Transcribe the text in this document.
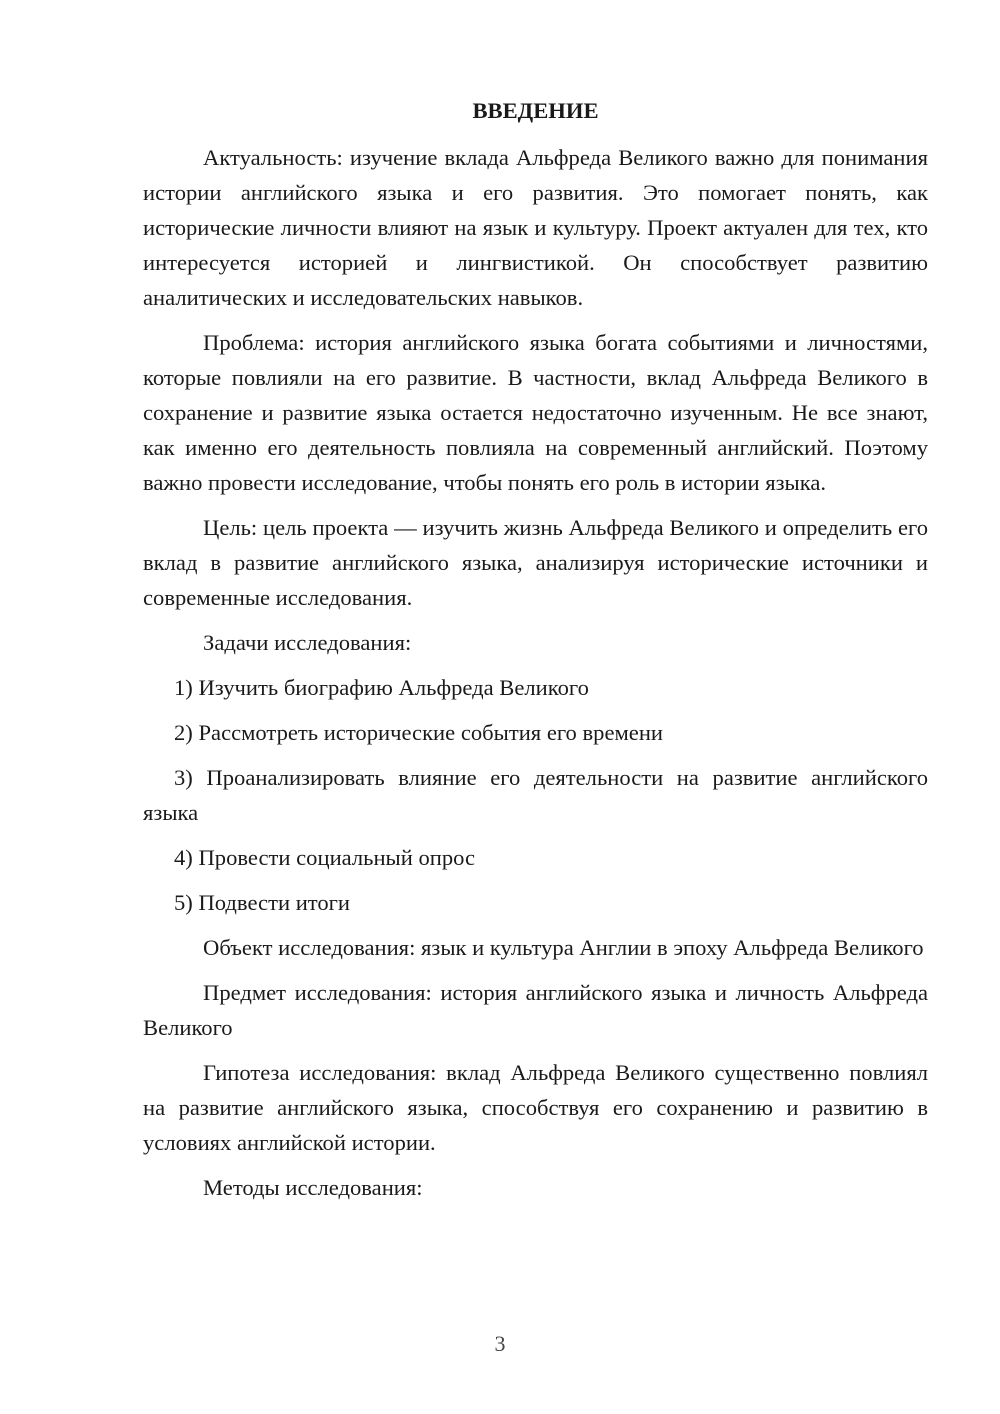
ВВЕДЕНИЕ

Актуальность: изучение вклада Альфреда Великого важно для понимания истории английского языка и его развития. Это помогает понять, как исторические личности влияют на язык и культуру. Проект актуален для тех, кто интересуется историей и лингвистикой. Он способствует развитию аналитических и исследовательских навыков.

Проблема: история английского языка богата событиями и личностями, которые повлияли на его развитие. В частности, вклад Альфреда Великого в сохранение и развитие языка остается недостаточно изученным. Не все знают, как именно его деятельность повлияла на современный английский. Поэтому важно провести исследование, чтобы понять его роль в истории языка.

Цель: цель проекта — изучить жизнь Альфреда Великого и определить его вклад в развитие английского языка, анализируя исторические источники и современные исследования.

Задачи исследования:

1) Изучить биографию Альфреда Великого

2) Рассмотреть исторические события его времени

3) Проанализировать влияние его деятельности на развитие английского языка

4) Провести социальный опрос

5) Подвести итоги

Объект исследования: язык и культура Англии в эпоху Альфреда Великого

Предмет исследования: история английского языка и личность Альфреда Великого

Гипотеза исследования: вклад Альфреда Великого существенно повлиял на развитие английского языка, способствуя его сохранению и развитию в условиях английской истории.

Методы исследования:

3
